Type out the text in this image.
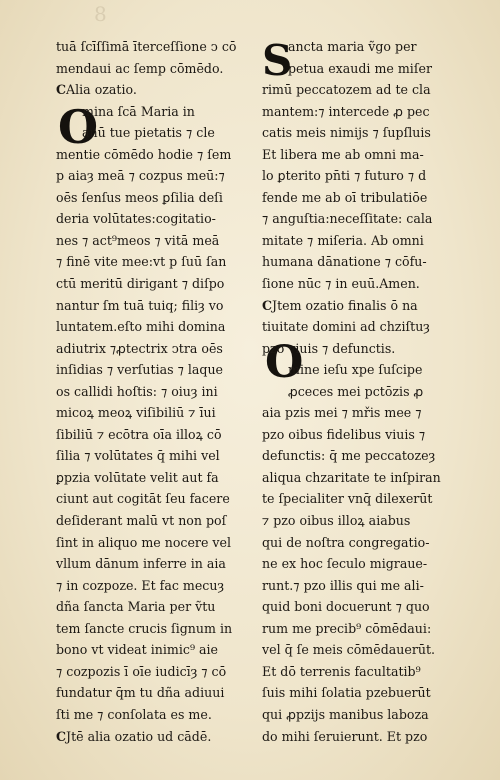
8
O
S
O
tuā ſcīſſimā īterceſſione ↄ cō
mendaui ac ſemp cōmēdo.
CAlia ozatio.
mina ſcā Maria in
anū tue pietatis ⁊ cle
mentie cōmēdo hodie ⁊ ſem
p aiaȝ meā ⁊ cozpus meū:⁊
oēs ſenſus meos ꝑſilia deſi
deria volūtates:cogitatio-
nes ⁊ act⁹meos ⁊ vitā meā
⁊ finē vite mee:vt p ſuū ſan
ctū meritū dirigant ⁊ diſpo
nantur ſm tuā tuiq; filiȝ vo
luntatem.eſto mihi domina
adiutrix ⁊ꝓtectrix ↄtra oēs
inſidias ⁊ verſutias ⁊ laque
os callidi hoſtis: ⁊ oiuȝ ini
micoꝝ meoꝝ viſibiliū ⁊ īui
ſibiliū ⁊ ecōtra oīa illoꝝ cō
ſilia ⁊ volūtates q̄ mihi vel
ꝑpzia volūtate velit aut fa
ciunt aut cogitāt ſeu facere
deſiderant malū vt non poſ
ſint in aliquo me nocere vel
vllum dānum inferre in aia
⁊ in cozpoze. Et fac mecuȝ
dña ſancta Maria per ṽtu
tem ſancte crucis ſignum in
bono vt videat inimic⁹ aie
⁊ cozpozis ī oīe iudicīȝ ⁊ cō
fundatur q̄m tu dña adiuui
ſti me ⁊ conſolata es me.
CJtē alia ozatio ud cādē.
ancta maria ṽgo per
petua exaudi me miſer
rimū peccatozem ad te cla
mantem:⁊ intercede ꝓ pec
catis meis nimijs ⁊ ſupſluis
Et libera me ab omni ma-
lo ꝑterito pn̄ti ⁊ futuro ⁊ d
fende me ab oī tribulatiōe
⁊ anguſtia:neceſſitate: cala
mitate ⁊ miſeria. Ab omni
humana dānatione ⁊ cōfu-
ſione nūc ⁊ in euū.Amen.
CJtem ozatio finalis ō na
tiuitate domini ad chziſtuȝ
pzo viuis ⁊ defunctis.
mine ieſu xpe ſuſcipe
ꝓceces mei pctōzis ꝓ
aia pzis mei ⁊ mřis mee ⁊
pzo oibus fidelibus viuis ⁊
defunctis: q̄ me peccatozeȝ
aliqua chzaritate te inſpiran
te ſpecialiter vnq̄ dilexerūt
⁊ pzo oibus illoꝝ aiabus
qui de noſtra congregatio-
ne ex hoc ſeculo migraue-
runt.⁊ pzo illis qui me ali-
quid boni docuerunt ⁊ quo
rum me precib⁹ cōmēdaui:
vel q̄ ſe meis cōmēdauerūt.
Et dō terrenis facultatib⁹
ſuis mihi ſolatia pzebuerūt
qui ꝓpzijs manibus laboza
do mihi ſeruierunt. Et pzo
